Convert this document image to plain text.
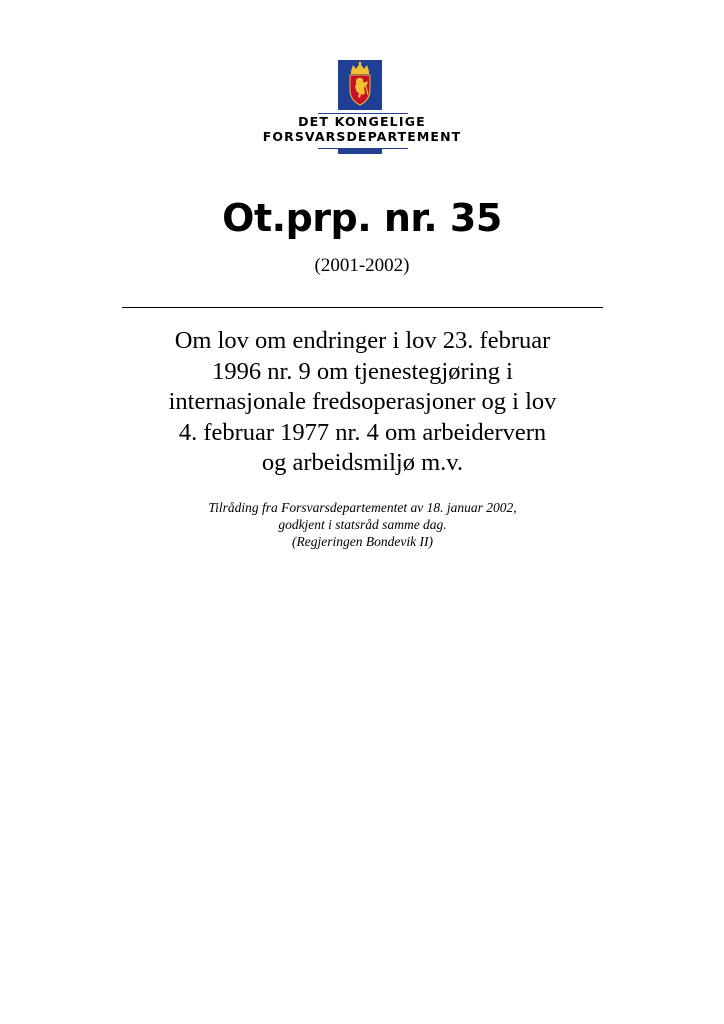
DET KONGELIGE
FORSVARSDEPARTEMENT
Ot.prp. nr. 35
(2001-2002)
Om lov om endringer i lov 23. februar
1996 nr. 9 om tjenestegjøring i
internasjonale fredsoperasjoner og i lov
4. februar 1977 nr. 4 om arbeidervern
og arbeidsmiljø m.v.
Tilråding fra Forsvarsdepartementet av 18. januar 2002,
godkjent i statsråd samme dag.
(Regjeringen Bondevik II)
